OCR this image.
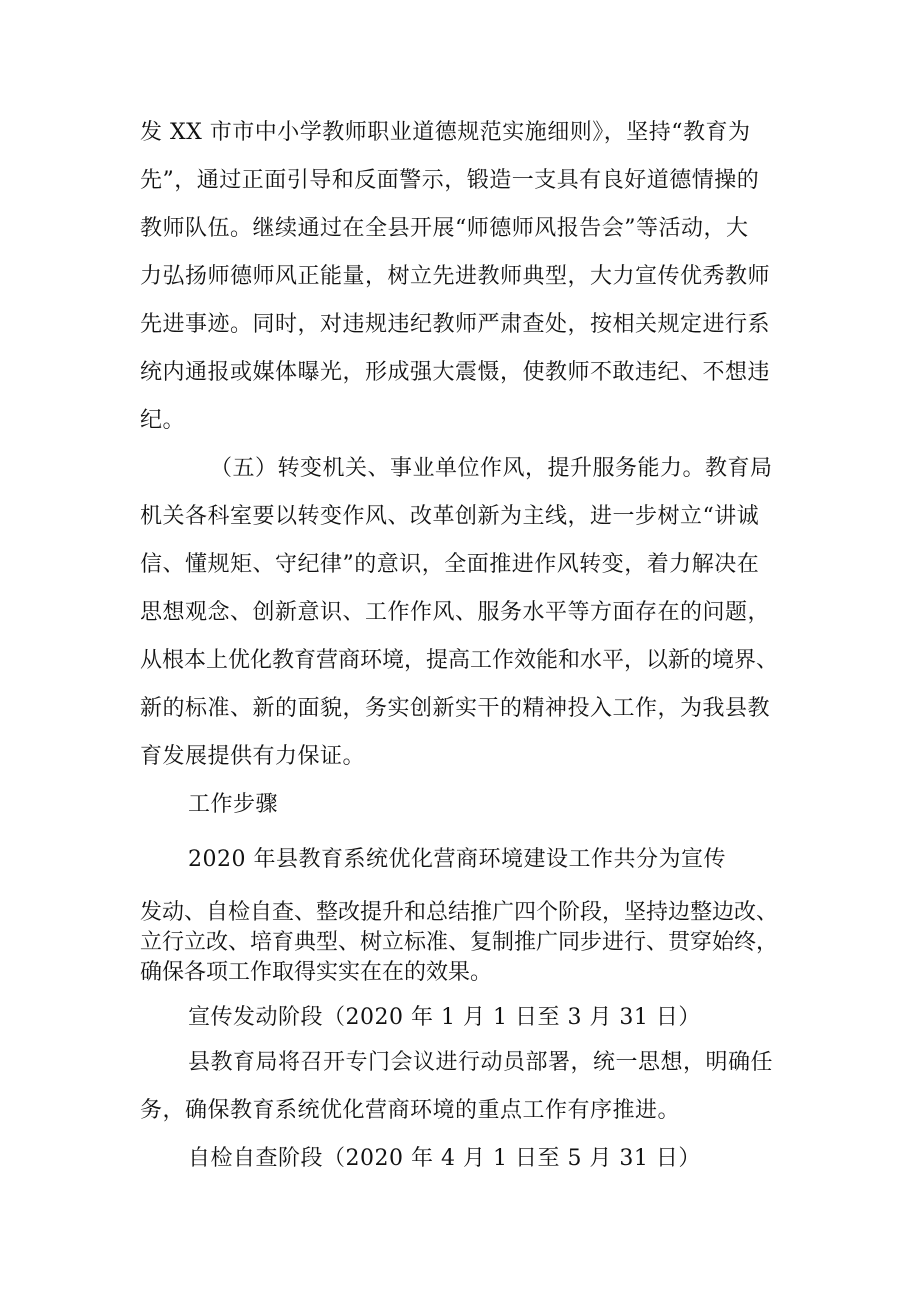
发 XX 市市中小学教师职业道德规范实施细则》，坚持“教育为
先”，通过正面引导和反面警示，锻造一支具有良好道德情操的
教师队伍。继续通过在全县开展“师德师风报告会”等活动，大
力弘扬师德师风正能量，树立先进教师典型，大力宣传优秀教师
先进事迹。同时，对违规违纪教师严肃查处，按相关规定进行系
统内通报或媒体曝光，形成强大震慑，使教师不敢违纪、不想违
纪。
（五）转变机关、事业单位作风，提升服务能力。教育局
机关各科室要以转变作风、改革创新为主线，进一步树立“讲诚
信、懂规矩、守纪律”的意识，全面推进作风转变，着力解决在
思想观念、创新意识、工作作风、服务水平等方面存在的问题，
从根本上优化教育营商环境，提高工作效能和水平，以新的境界、
新的标准、新的面貌，务实创新实干的精神投入工作，为我县教
育发展提供有力保证。
工作步骤
2020 年县教育系统优化营商环境建设工作共分为宣传
发动、自检自查、整改提升和总结推广四个阶段，坚持边整边改、
立行立改、培育典型、树立标准、复制推广同步进行、贯穿始终，
确保各项工作取得实实在在的效果。
宣传发动阶段（2020 年 1 月 1 日至 3 月 31 日）
县教育局将召开专门会议进行动员部署，统一思想，明确任
务，确保教育系统优化营商环境的重点工作有序推进。
自检自查阶段（2020 年 4 月 1 日至 5 月 31 日）
